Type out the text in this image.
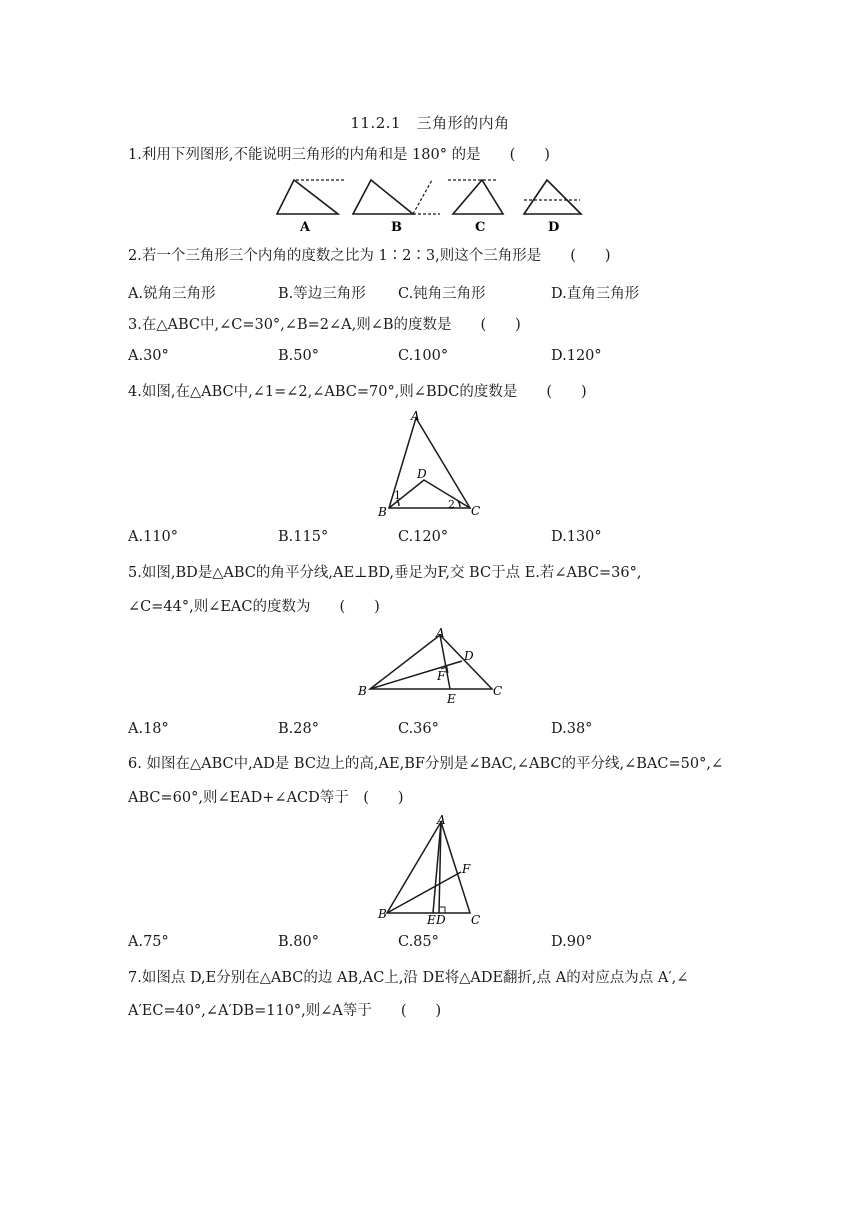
11.2.1　三角形的内角
1.利用下列图形,不能说明三角形的内角和是 180° 的是　　(　　)
A	B	C	D
2.若一个三角形三个内角的度数之比为 1∶2∶3,则这个三角形是　　(　　)
A.锐角三角形	B.等边三角形 C.钝角三角形	D.直角三角形
3.在△ABC中,∠C=30°,∠B=2∠A,则∠B的度数是　　(　　)
A.30°	B.50°	C.100°	D.120°
4.如图,在△ABC中,∠1=∠2,∠ABC=70°,则∠BDC的度数是　　(　　)
A
D
B	C
1
2
A.110°	B.115°	C.120°	D.130°
5.如图,BD是△ABC的角平分线,AE⊥BD,垂足为F,交 BC于点 E.若∠ABC=36°,
∠C=44°,则∠EAC的度数为　　(　　)
A
D
F
B
E
C
A.18°	B.28°	C.36°	D.38°
6. 如图在△ABC中,AD是 BC边上的高,AE,BF分别是∠BAC,∠ABC的平分线,∠BAC=50°,∠
ABC=60°,则∠EAD+∠ACD等于　(　　)
A
F
B	E D C
A.75°	B.80°	C.85°	D.90°
7.如图点 D,E分别在△ABC的边 AB,AC上,沿 DE将△ADE翻折,点 A的对应点为点 A′,∠
A′EC=40°,∠A′DB=110°,则∠A等于　　(　　)
